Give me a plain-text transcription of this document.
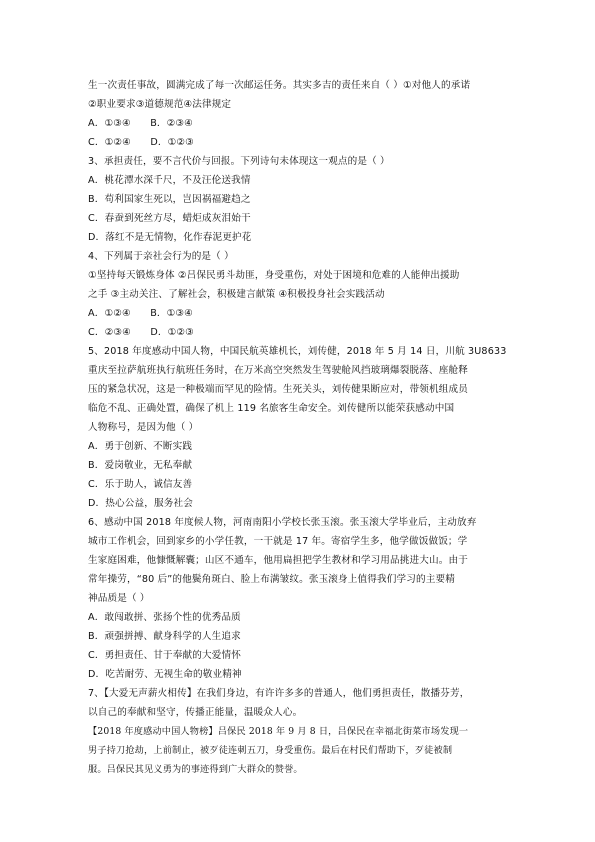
生一次责任事故，圆满完成了每一次邮运任务。其实多吉的责任来自（ ）①对他人的承诺
②职业要求③道德规范④法律规定
A．①③④　　B．②③④
C．①②④　　D．①②③
3、承担责任，要不言代价与回报。下列诗句未体现这一观点的是（ ）
A．桃花潭水深千尺，不及汪伦送我情
B．苟利国家生死以，岂因祸福避趋之
C．春蚕到死丝方尽，蜡炬成灰泪始干
D．落红不是无情物，化作春泥更护花
4、下列属于亲社会行为的是（ ）
①坚持每天锻炼身体 ②吕保民勇斗劫匪，身受重伤，对处于困境和危难的人能伸出援助
之手 ③主动关注、了解社会，积极建言献策 ④积极投身社会实践活动
A．①②④　　B．①③④
C．②③④　　D．①②③
5、2018 年度感动中国人物，中国民航英雄机长，刘传健，2018 年 5 月 14 日，川航 3U8633
重庆至拉萨航班执行航班任务时，在万米高空突然发生驾驶舱风挡玻璃爆裂脱落、座舱释
压的紧急状况，这是一种极端而罕见的险情。生死关头，刘传健果断应对，带领机组成员
临危不乱、正确处置，确保了机上 119 名旅客生命安全。刘传健所以能荣获感动中国
人物称号，是因为他（ ）
A．勇于创新、不断实践
B．爱岗敬业，无私奉献
C．乐于助人，诚信友善
D．热心公益，服务社会
6、感动中国 2018 年度候人物，河南南阳小学校长张玉滚。张玉滚大学毕业后，主动放弃
城市工作机会，回到家乡的小学任教，一干就是 17 年。寄宿学生多，他学做饭做饭；学
生家庭困难，他慷慨解囊；山区不通车，他用扁担把学生教材和学习用品挑进大山。由于
常年操劳，“80 后”的他鬓角斑白、脸上布满皱纹。张玉滚身上值得我们学习的主要精
神品质是（ ）
A．敢闯敢拼、张扬个性的优秀品质
B．顽强拼搏、献身科学的人生追求
C．勇担责任、甘于奉献的大爱情怀
D．吃苦耐劳、无视生命的敬业精神
7、【大爱无声薪火相传】在我们身边，有许许多多的普通人，他们勇担责任，散播芬芳，
以自己的奉献和坚守，传播正能量，温暖众人心。
【2018 年度感动中国人物榜】吕保民 2018 年 9 月 8 日，吕保民在幸福北街菜市场发现一
男子持刀抢劫，上前制止，被歹徒连刺五刀，身受重伤。最后在村民们帮助下，歹徒被制
服。吕保民其见义勇为的事迹得到广大群众的赞誉。
